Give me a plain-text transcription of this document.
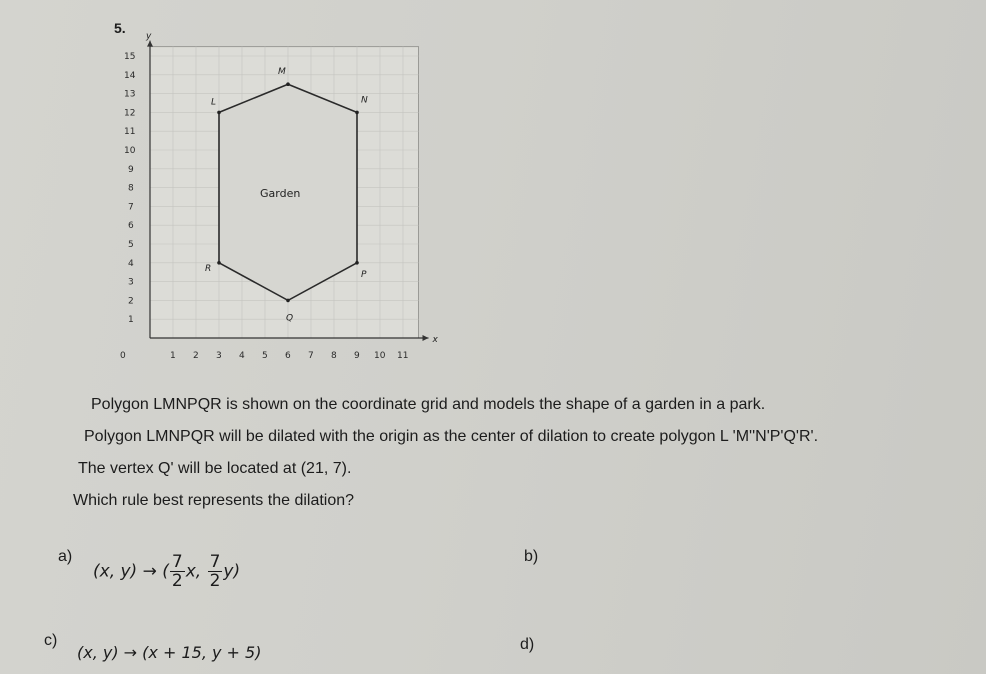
5.
x
y
0	1 2 3 4 5 6 7 8 9 10 11
1
2
3
4
5
6
7
8
9
10
11
12
13
14
15
L
M
N
P
Q
R
Garden
Polygon LMNPQR is shown on the coordinate grid and models the shape of a garden in a park.
Polygon LMNPQR will be dilated with the origin as the center of dilation to create polygon L 'M''N'P'Q'R'.
The vertex Q' will be located at (21, 7).
Which rule best represents the dilation?
a)
(x, y) → ( $\frac{7}{2} x$, $\frac{7}{2} y$)
b)
c)
(x, y) → (x + 15, y + 5)	d)
